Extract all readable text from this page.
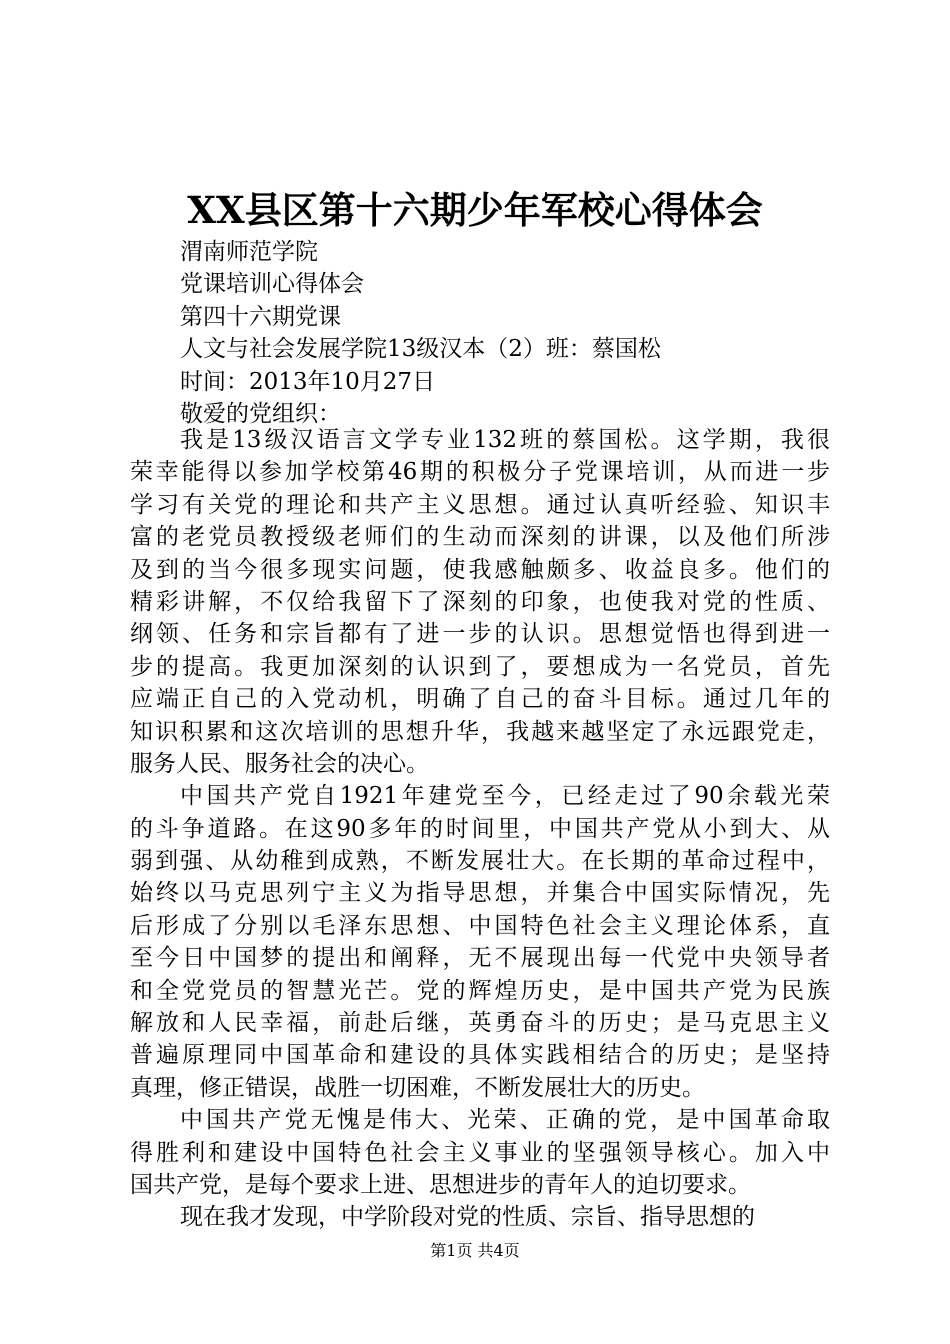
XX县区第十六期少年军校心得体会
渭南师范学院
党课培训心得体会
第四十六期党课
人文与社会发展学院13级汉本（2）班：蔡国松
时间：2013年10月27日
敬爱的党组织：
我是13级汉语言文学专业132班的蔡国松。这学期，我很
荣幸能得以参加学校第46期的积极分子党课培训，从而进一步
学习有关党的理论和共产主义思想。通过认真听经验、知识丰
富的老党员教授级老师们的生动而深刻的讲课，以及他们所涉
及到的当今很多现实问题，使我感触颇多、收益良多。他们的
精彩讲解，不仅给我留下了深刻的印象，也使我对党的性质、
纲领、任务和宗旨都有了进一步的认识。思想觉悟也得到进一
步的提高。我更加深刻的认识到了，要想成为一名党员，首先
应端正自己的入党动机，明确了自己的奋斗目标。通过几年的
知识积累和这次培训的思想升华，我越来越坚定了永远跟党走，
服务人民、服务社会的决心。
中国共产党自1921年建党至今，已经走过了90余载光荣
的斗争道路。在这90多年的时间里，中国共产党从小到大、从
弱到强、从幼稚到成熟，不断发展壮大。在长期的革命过程中，
始终以马克思列宁主义为指导思想，并集合中国实际情况，先
后形成了分别以毛泽东思想、中国特色社会主义理论体系，直
至今日中国梦的提出和阐释，无不展现出每一代党中央领导者
和全党党员的智慧光芒。党的辉煌历史，是中国共产党为民族
解放和人民幸福，前赴后继，英勇奋斗的历史；是马克思主义
普遍原理同中国革命和建设的具体实践相结合的历史；是坚持
真理，修正错误，战胜一切困难，不断发展壮大的历史。
中国共产党无愧是伟大、光荣、正确的党，是中国革命取
得胜利和建设中国特色社会主义事业的坚强领导核心。加入中
国共产党，是每个要求上进、思想进步的青年人的迫切要求。
现在我才发现，中学阶段对党的性质、宗旨、指导思想的
第1页 共4页
